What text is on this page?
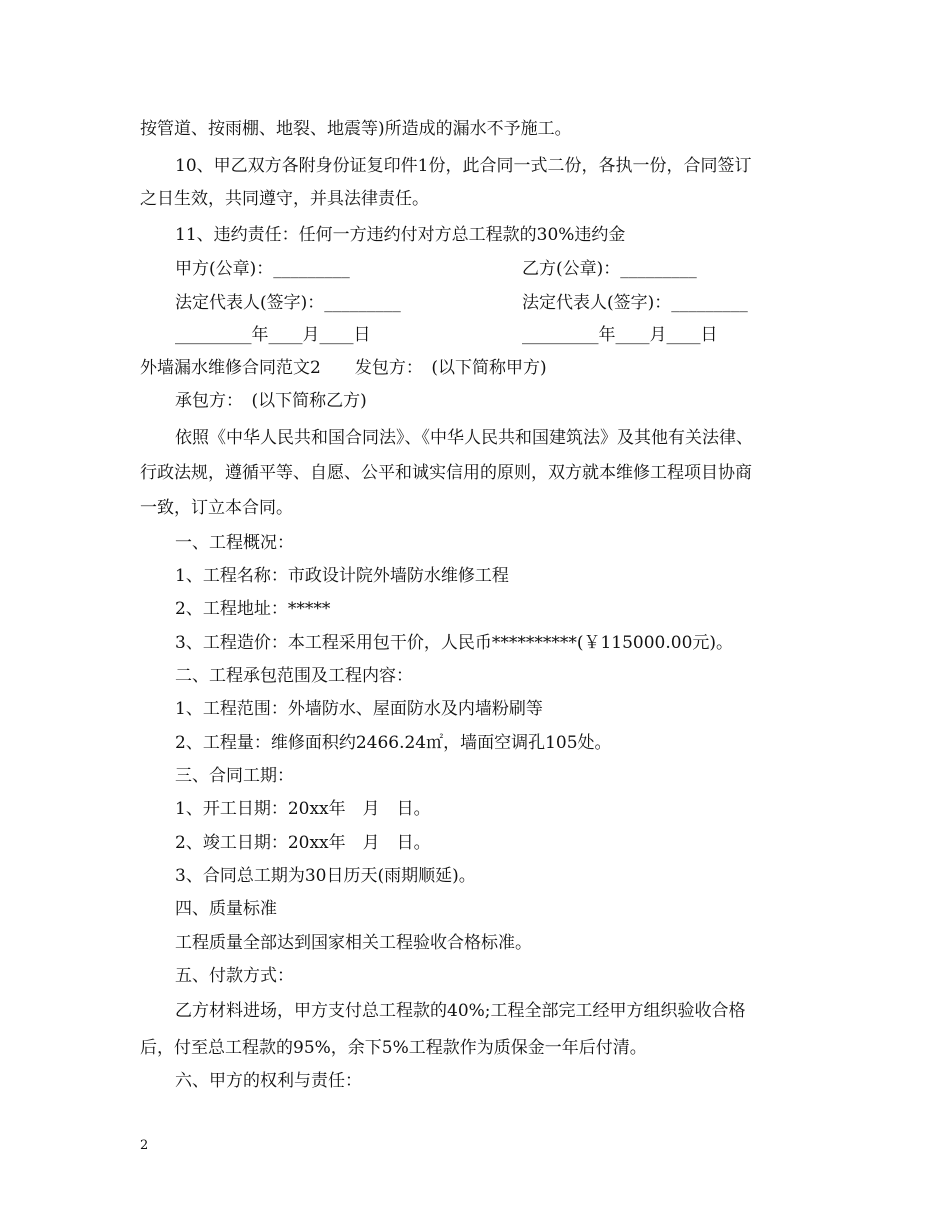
按管道、按雨棚、地裂、地震等)所造成的漏水不予施工。
10、甲乙双方各附身份证复印件1份，此合同一式二份，各执一份，合同签订
之日生效，共同遵守，并具法律责任。
11、违约责任：任何一方违约付对方总工程款的30%违约金
甲方(公章)：_________	乙方(公章)：_________
法定代表人(签字)：_________	法定代表人(签字)：_________
_________年____月____日	_________年____月____日
外墙漏水维修合同范文2　　发包方：　(以下简称甲方)
承包方：　(以下简称乙方)
依照《中华人民共和国合同法》、《中华人民共和国建筑法》及其他有关法律、
行政法规，遵循平等、自愿、公平和诚实信用的原则，双方就本维修工程项目协商
一致，订立本合同。
一、工程概况：
1、工程名称：市政设计院外墙防水维修工程
2、工程地址：*****
3、工程造价：本工程采用包干价，人民币**********(￥115000.00元)。
二、工程承包范围及工程内容：
1、工程范围：外墙防水、屋面防水及内墙粉刷等
2、工程量：维修面积约2466.24㎡，墙面空调孔105处。
三、合同工期：
1、开工日期：20xx年　月　日。
2、竣工日期：20xx年　月　日。
3、合同总工期为30日历天(雨期顺延)。
四、质量标准
工程质量全部达到国家相关工程验收合格标准。
五、付款方式：
乙方材料进场，甲方支付总工程款的40%;工程全部完工经甲方组织验收合格
后，付至总工程款的95%，余下5%工程款作为质保金一年后付清。
六、甲方的权利与责任：
2
